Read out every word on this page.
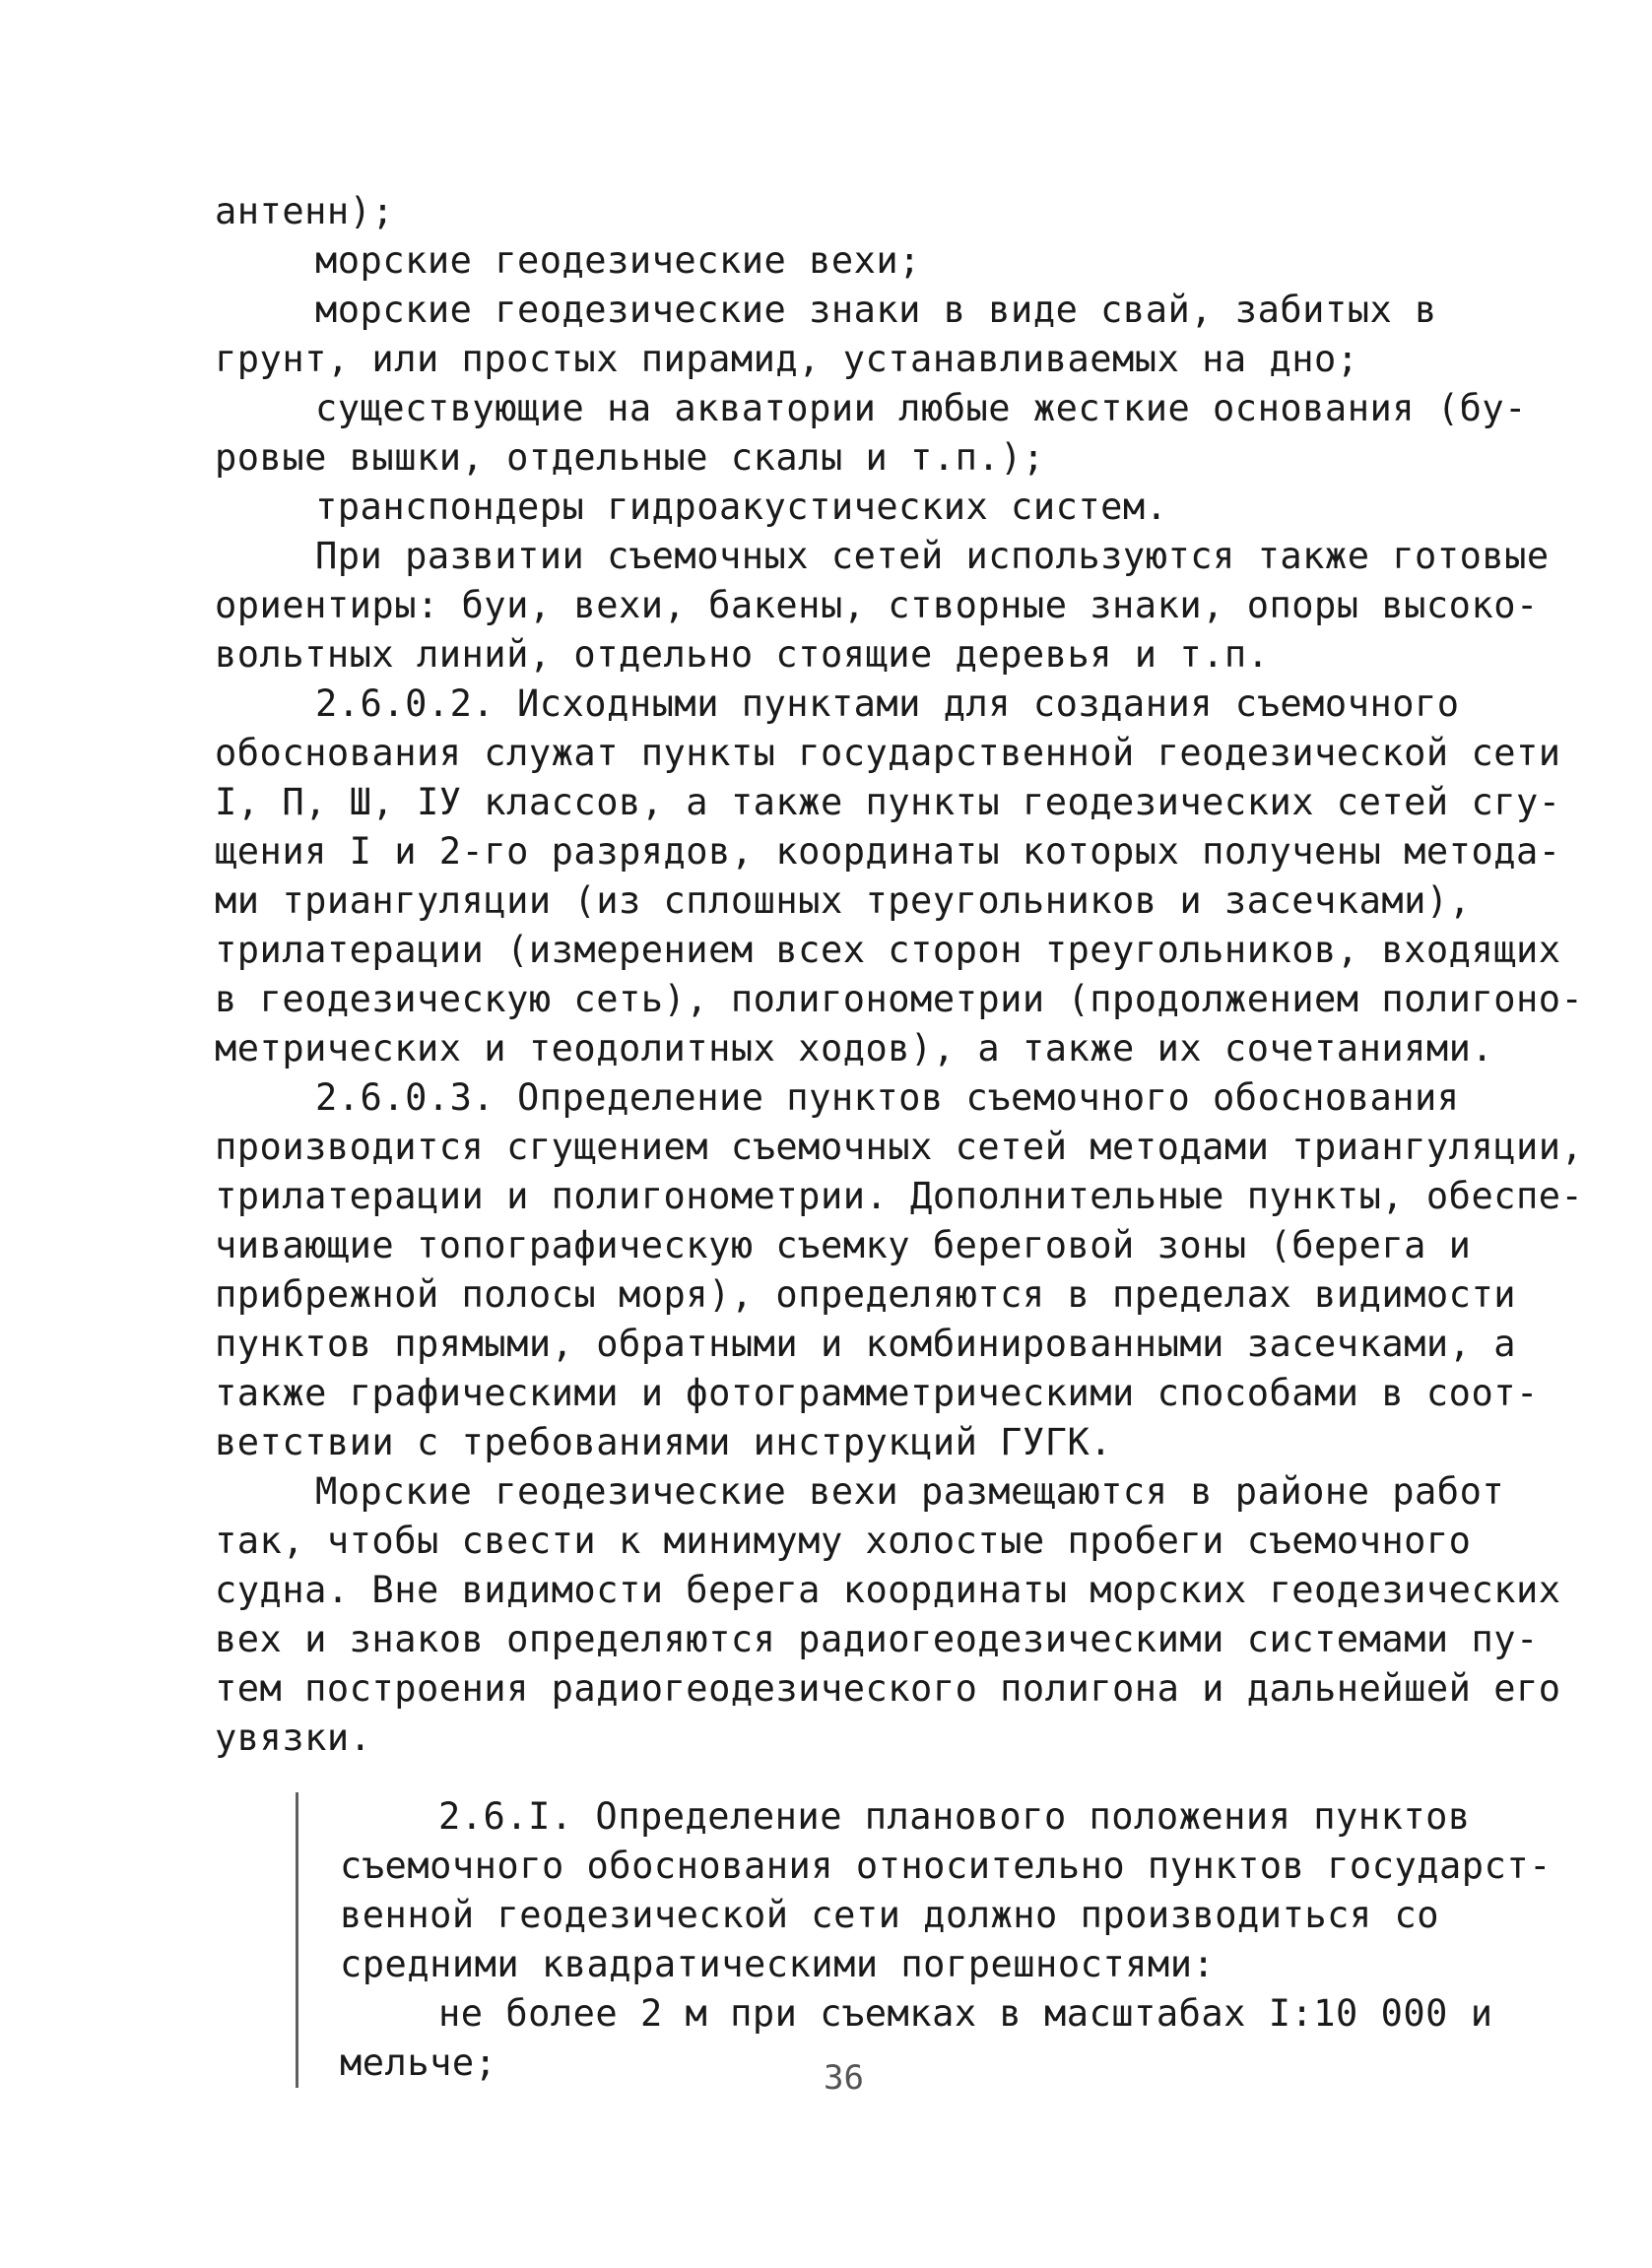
антенн);
морские геодезические вехи;
морские геодезические знаки в виде свай, забитых в
грунт, или простых пирамид, устанавливаемых на дно;
существующие на акватории любые жесткие основания (бу-
ровые вышки, отдельные скалы и т.п.);
транспондеры гидроакустических систем.
При развитии съемочных сетей используются также готовые
ориентиры: буи, вехи, бакены, створные знаки, опоры высоко-
вольтных линий, отдельно стоящие деревья и т.п.
2.6.0.2. Исходными пунктами для создания съемочного
обоснования служат пункты государственной геодезической сети
I, П, Ш, IУ классов, а также пункты геодезических сетей сгу-
щения I и 2-го разрядов, координаты которых получены метода-
ми триангуляции (из сплошных треугольников и засечками),
трилатерации (измерением всех сторон треугольников, входящих
в геодезическую сеть), полигонометрии (продолжением полигоно-
метрических и теодолитных ходов), а также их сочетаниями.
2.6.0.3. Определение пунктов съемочного обоснования
производится сгущением съемочных сетей методами триангуляции,
трилатерации и полигонометрии. Дополнительные пункты, обеспе-
чивающие топографическую съемку береговой зоны (берега и
прибрежной полосы моря), определяются в пределах видимости
пунктов прямыми, обратными и комбинированными засечками, а
также графическими и фотограмметрическими способами в соот-
ветствии с требованиями инструкций ГУГК.
Морские геодезические вехи размещаются в районе работ
так, чтобы свести к минимуму холостые пробеги съемочного
судна. Вне видимости берега координаты морских геодезических
вех и знаков определяются радиогеодезическими системами пу-
тем построения радиогеодезического полигона и дальнейшей его
увязки.
2.6.I. Определение планового положения пунктов
съемочного обоснования относительно пунктов государст-
венной геодезической сети должно производиться со
средними квадратическими погрешностями:
не более 2 м при съемках в масштабах I:10 000 и
мельче;	36
